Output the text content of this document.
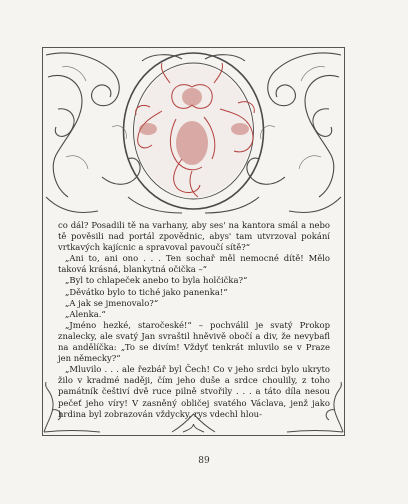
co dál? Posadili tě na varhany, aby ses' na kantora smál a nebo tě pověsili nad portál zpovědnic, abys' tam utvrzoval pokání vrtkavých kajícnic a spravoval pavoučí sítě?“

„Ani to, ani ono . . . Ten sochař měl nemocné dítě! Mělo taková krásná, blankytná očička –“

„Byl to chlapeček anebo to byla holčička?“

„Děvátko bylo to tiché jako panenka!“

„A jak se jmenovalo?“

„Alenka.“

„Jméno hezké, staročeské!“ – pochválil je svatý Prokop znalecky, ale svatý Jan svraštil hněvivě obočí a div, že nevybafl na andělíčka: „To se divím! Vždyť tenkrát mluvilo se v Praze jen německy?“

„Mluvilo . . . ale řezbář byl Čech! Co v jeho srdci bylo ukryto žilo v kradmé naději, čím jeho duše a srdce choulily, z toho památník češtiví dvě ruce pilně stvořily . . . a táto díla nesou pečeť jeho víry! V zasněný obličej svatého Václava, jenž jako hrdina byl zobrazován vždycky, rys vdechl hlou-

89
